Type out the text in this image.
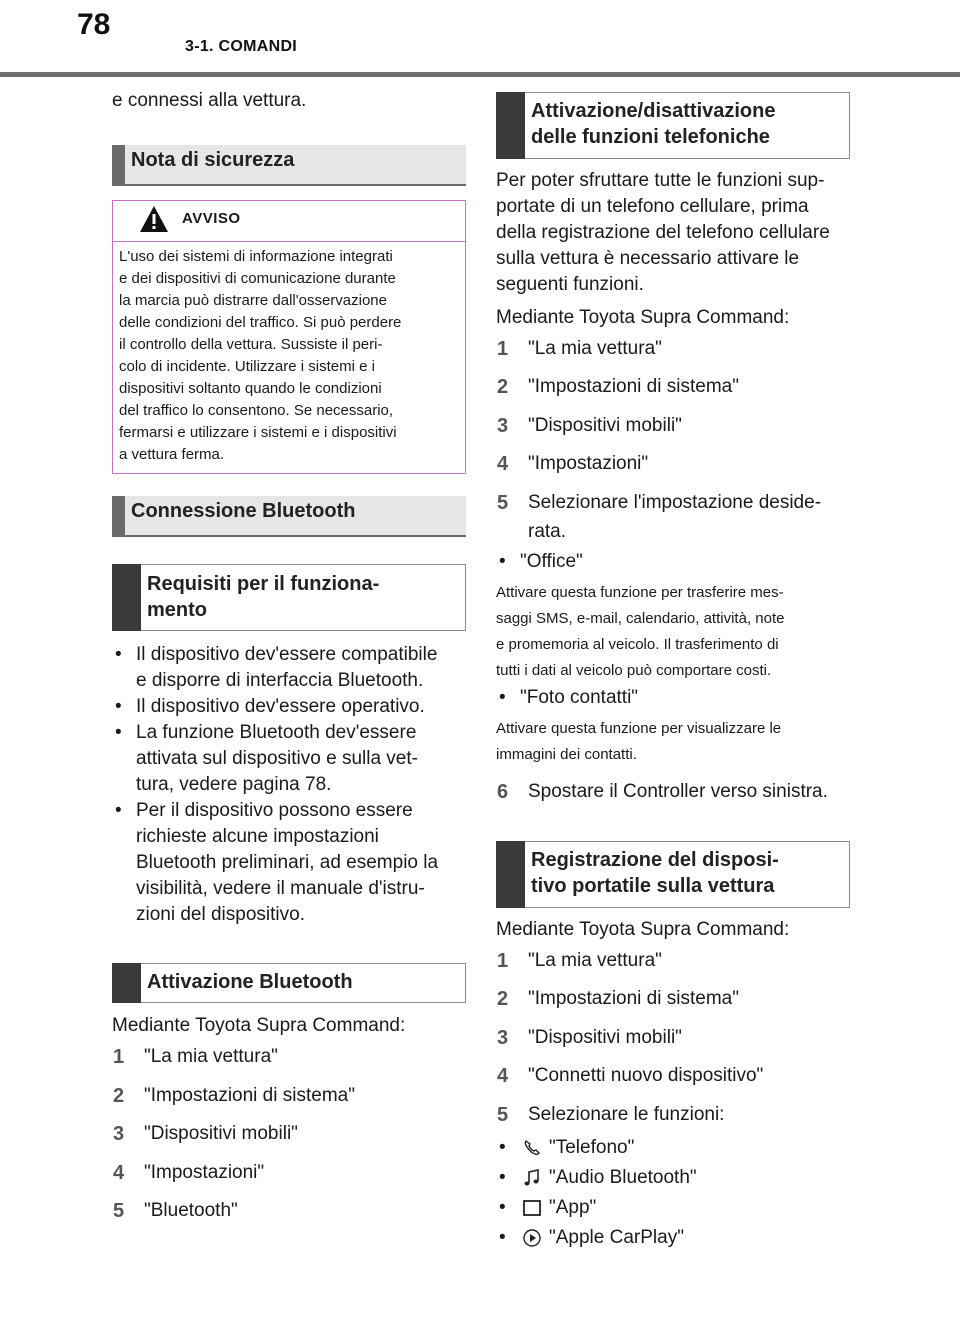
78
3-1. COMANDI
e connessi alla vettura.
Nota di sicurezza
AVVISO
L'uso dei sistemi di informazione integrati
e dei dispositivi di comunicazione durante
la marcia può distrarre dall'osservazione
delle condizioni del traffico. Si può perdere
il controllo della vettura. Sussiste il peri-
colo di incidente. Utilizzare i sistemi e i
dispositivi soltanto quando le condizioni
del traffico lo consentono. Se necessario,
fermarsi e utilizzare i sistemi e i dispositivi
a vettura ferma.
Connessione Bluetooth
Requisiti per il funziona-
mento
• Il dispositivo dev'essere compatibile
e disporre di interfaccia Bluetooth.
• Il dispositivo dev'essere operativo.
• La funzione Bluetooth dev'essere
attivata sul dispositivo e sulla vet-
tura, vedere pagina 78.
• Per il dispositivo possono essere
richieste alcune impostazioni
Bluetooth preliminari, ad esempio la
visibilità, vedere il manuale d'istru-
zioni del dispositivo.
Attivazione Bluetooth
Mediante Toyota Supra Command:
1 "La mia vettura"
2 "Impostazioni di sistema"
3 "Dispositivi mobili"
4 "Impostazioni"
5 "Bluetooth"
Attivazione/disattivazione
delle funzioni telefoniche
Per poter sfruttare tutte le funzioni sup-
portate di un telefono cellulare, prima
della registrazione del telefono cellulare
sulla vettura è necessario attivare le
seguenti funzioni.
Mediante Toyota Supra Command:
1 "La mia vettura"
2 "Impostazioni di sistema"
3 "Dispositivi mobili"
4 "Impostazioni"
5 Selezionare l'impostazione deside-
rata.
• "Office"
Attivare questa funzione per trasferire mes-
saggi SMS, e-mail, calendario, attività, note
e promemoria al veicolo. Il trasferimento di
tutti i dati al veicolo può comportare costi.
• "Foto contatti"
Attivare questa funzione per visualizzare le
immagini dei contatti.
6 Spostare il Controller verso sinistra.
Registrazione del disposi-
tivo portatile sulla vettura
Mediante Toyota Supra Command:
1 "La mia vettura"
2 "Impostazioni di sistema"
3 "Dispositivi mobili"
4 "Connetti nuovo dispositivo"
5 Selezionare le funzioni:
• "Telefono"
• "Audio Bluetooth"
• "App"
• "Apple CarPlay"
